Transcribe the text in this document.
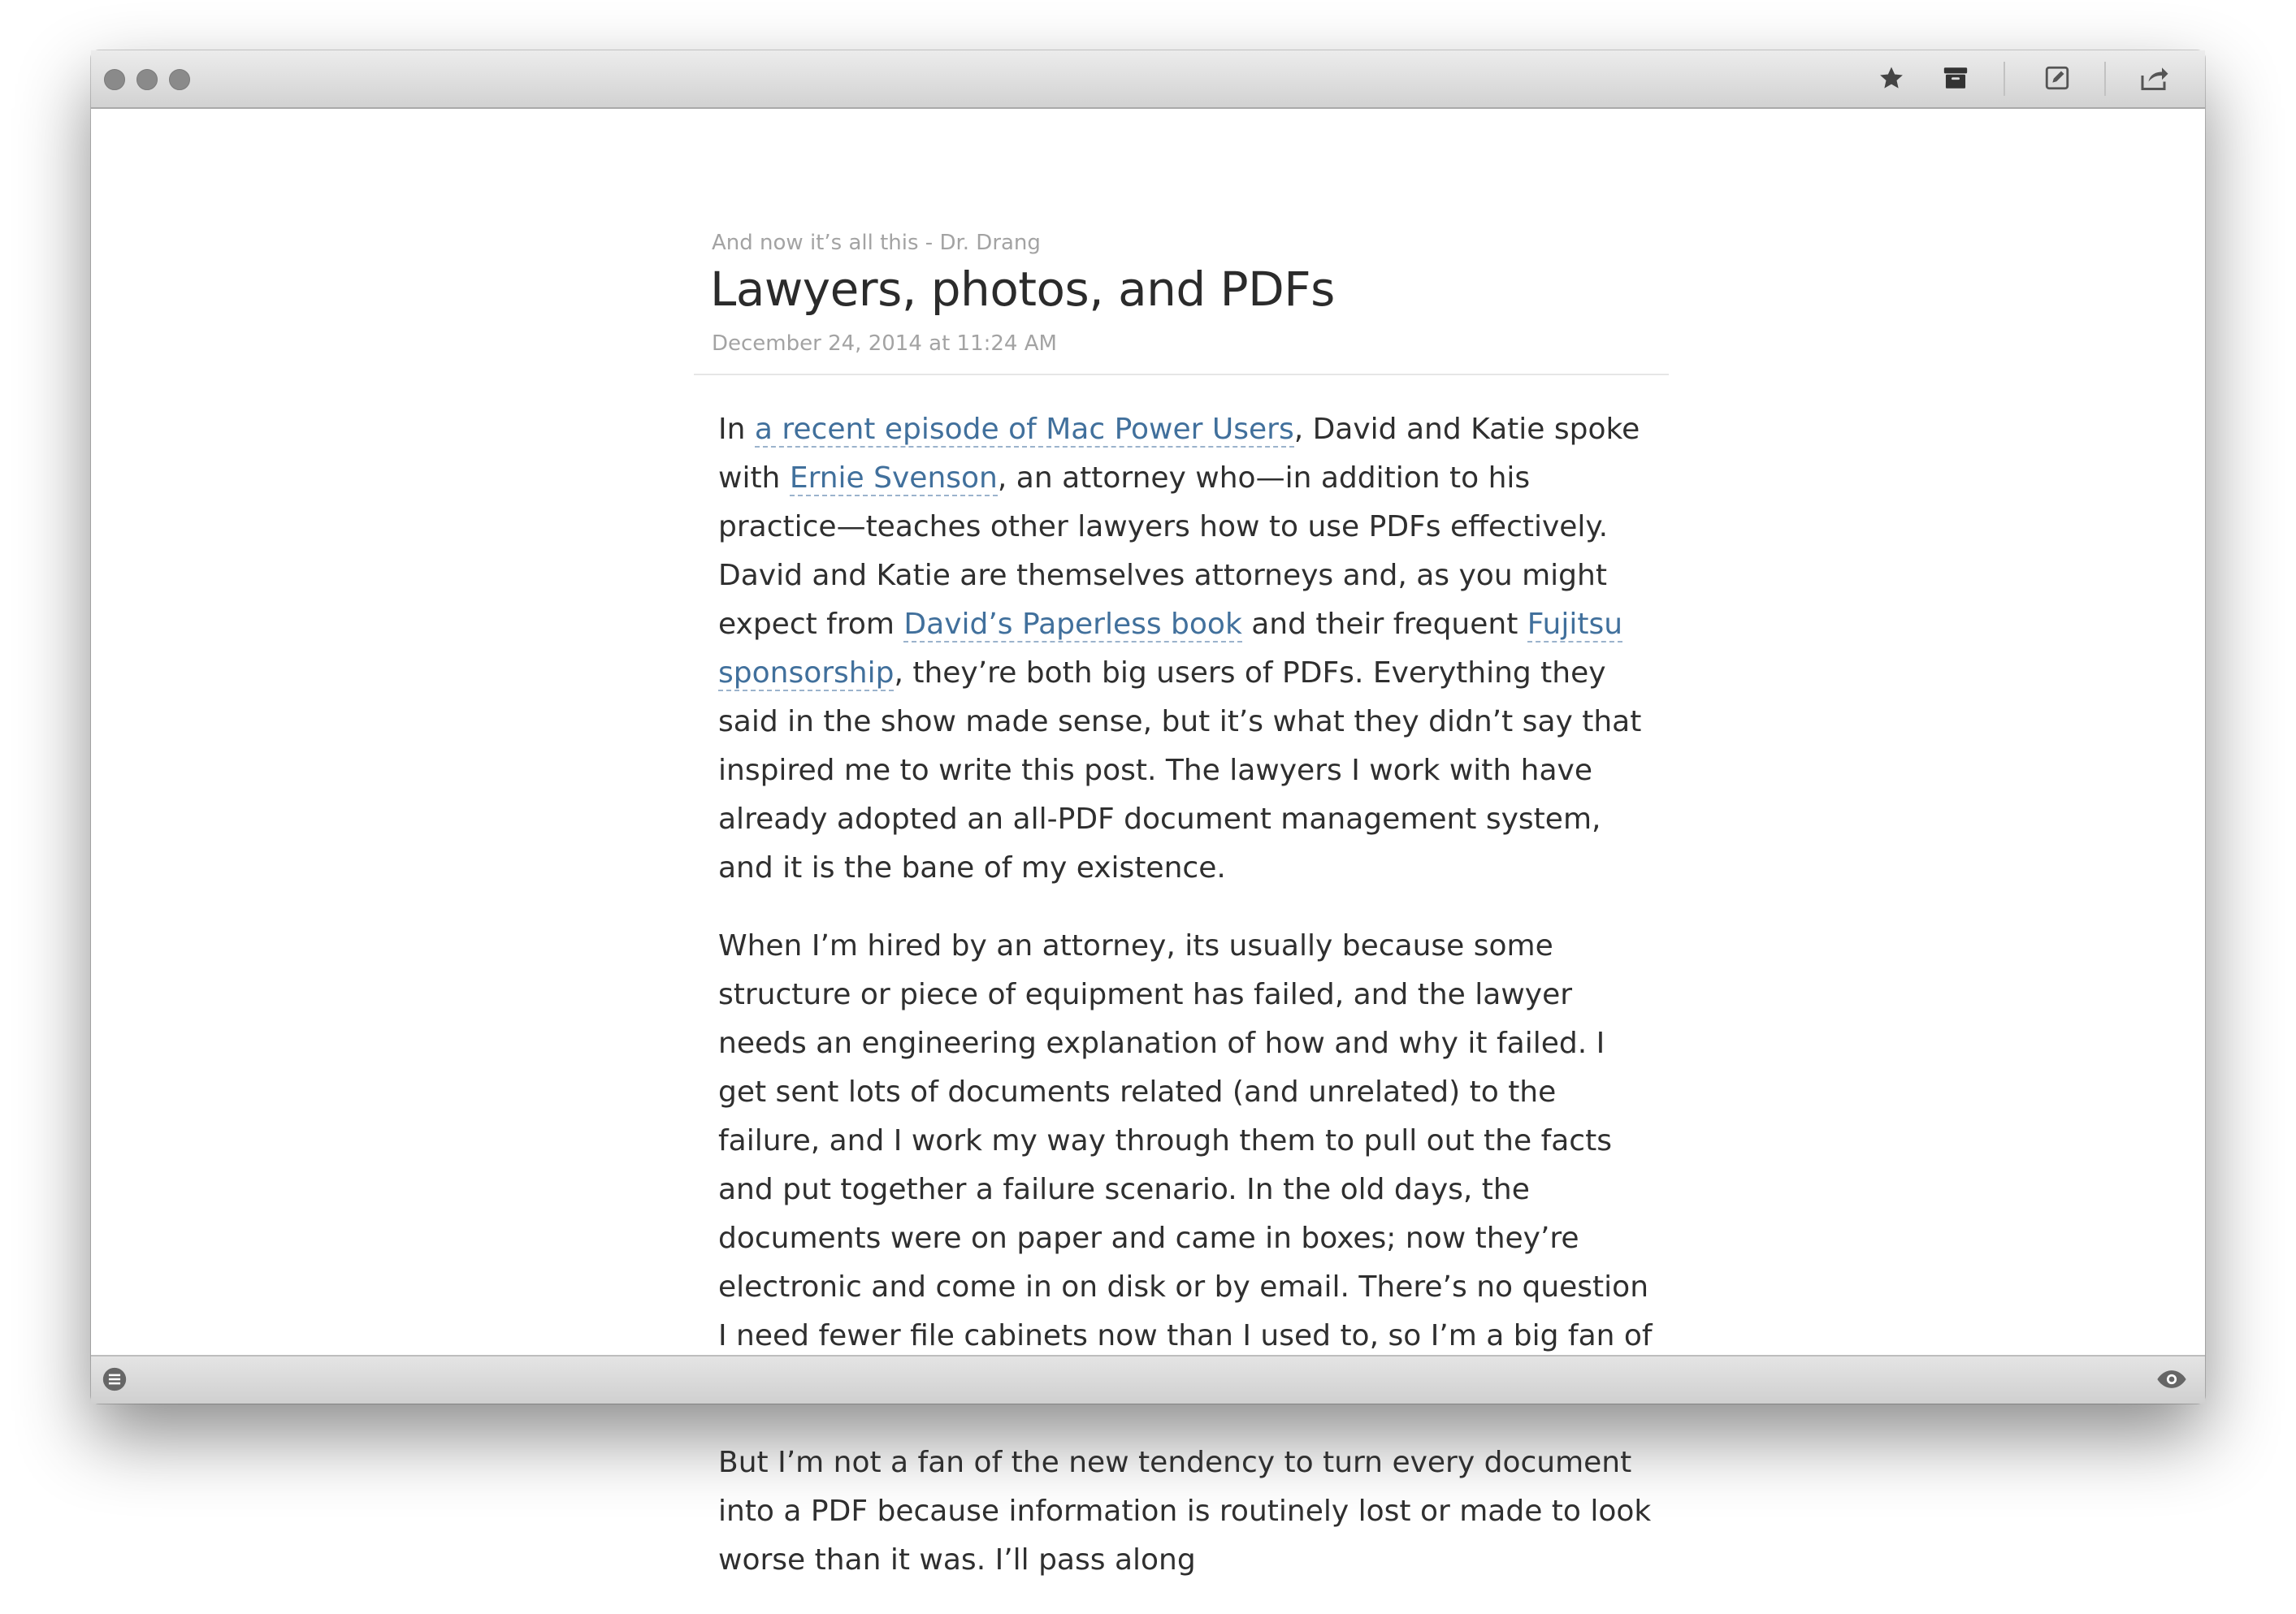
And now it’s all this - Dr. Drang
Lawyers, photos, and PDFs
December 24, 2014 at 11:24 AM

In a recent episode of Mac Power Users, David and Katie spoke with Ernie Svenson, an attorney who—in addition to his practice—teaches other lawyers how to use PDFs effectively. David and Katie are themselves attorneys and, as you might expect from David’s Paperless book and their frequent Fujitsu sponsorship, they’re both big users of PDFs. Everything they said in the show made sense, but it’s what they didn’t say that inspired me to write this post. The lawyers I work with have already adopted an all-PDF document management system, and it is the bane of my existence.

When I’m hired by an attorney, its usually because some structure or piece of equipment has failed, and the lawyer needs an engineering explanation of how and why it failed. I get sent lots of documents related (and unrelated) to the failure, and I work my way through them to pull out the facts and put together a failure scenario. In the old days, the documents were on paper and came in boxes; now they’re electronic and come in on disk or by email. There’s no question I need fewer file cabinets now than I used to, so I’m a big fan of

But I’m not a fan of the new tendency to turn every document into a PDF because information is routinely lost or made to look worse than it was. I’ll pass along
